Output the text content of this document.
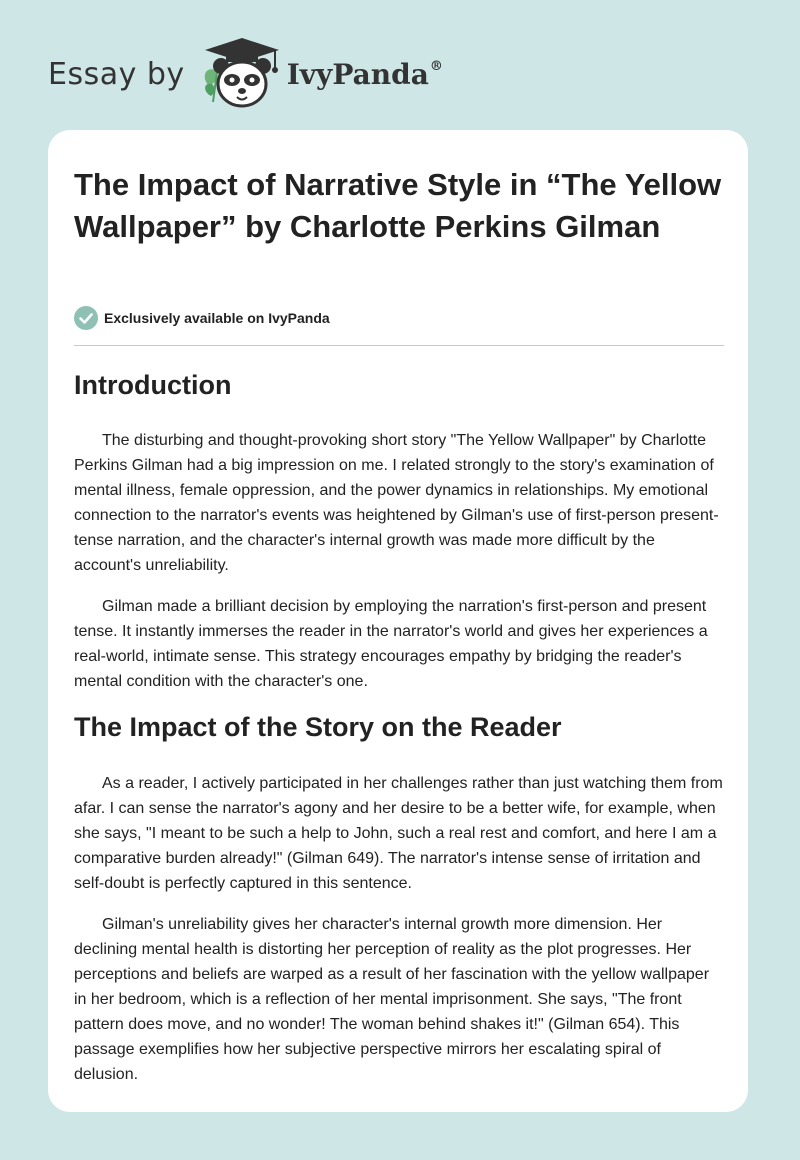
Essay by	IvyPanda®
The Impact of Narrative Style in “The Yellow Wallpaper” by Charlotte Perkins Gilman
Exclusively available on IvyPanda
Introduction

The disturbing and thought-provoking short story "The Yellow Wallpaper" by Charlotte Perkins Gilman had a big impression on me. I related strongly to the story's examination of mental illness, female oppression, and the power dynamics in relationships. My emotional connection to the narrator's events was heightened by Gilman's use of first-person present-tense narration, and the character's internal growth was made more difficult by the account's unreliability.

Gilman made a brilliant decision by employing the narration's first-person and present tense. It instantly immerses the reader in the narrator's world and gives her experiences a real-world, intimate sense. This strategy encourages empathy by bridging the reader's mental condition with the character's one.

The Impact of the Story on the Reader

As a reader, I actively participated in her challenges rather than just watching them from afar. I can sense the narrator's agony and her desire to be a better wife, for example, when she says, "I meant to be such a help to John, such a real rest and comfort, and here I am a comparative burden already!" (Gilman 649). The narrator's intense sense of irritation and self-doubt is perfectly captured in this sentence.

Gilman's unreliability gives her character's internal growth more dimension. Her declining mental health is distorting her perception of reality as the plot progresses. Her perceptions and beliefs are warped as a result of her fascination with the yellow wallpaper in her bedroom, which is a reflection of her mental imprisonment. She says, "The front pattern does move, and no wonder! The woman behind shakes it!" (Gilman 654). This passage exemplifies how her subjective perspective mirrors her escalating spiral of delusion.
